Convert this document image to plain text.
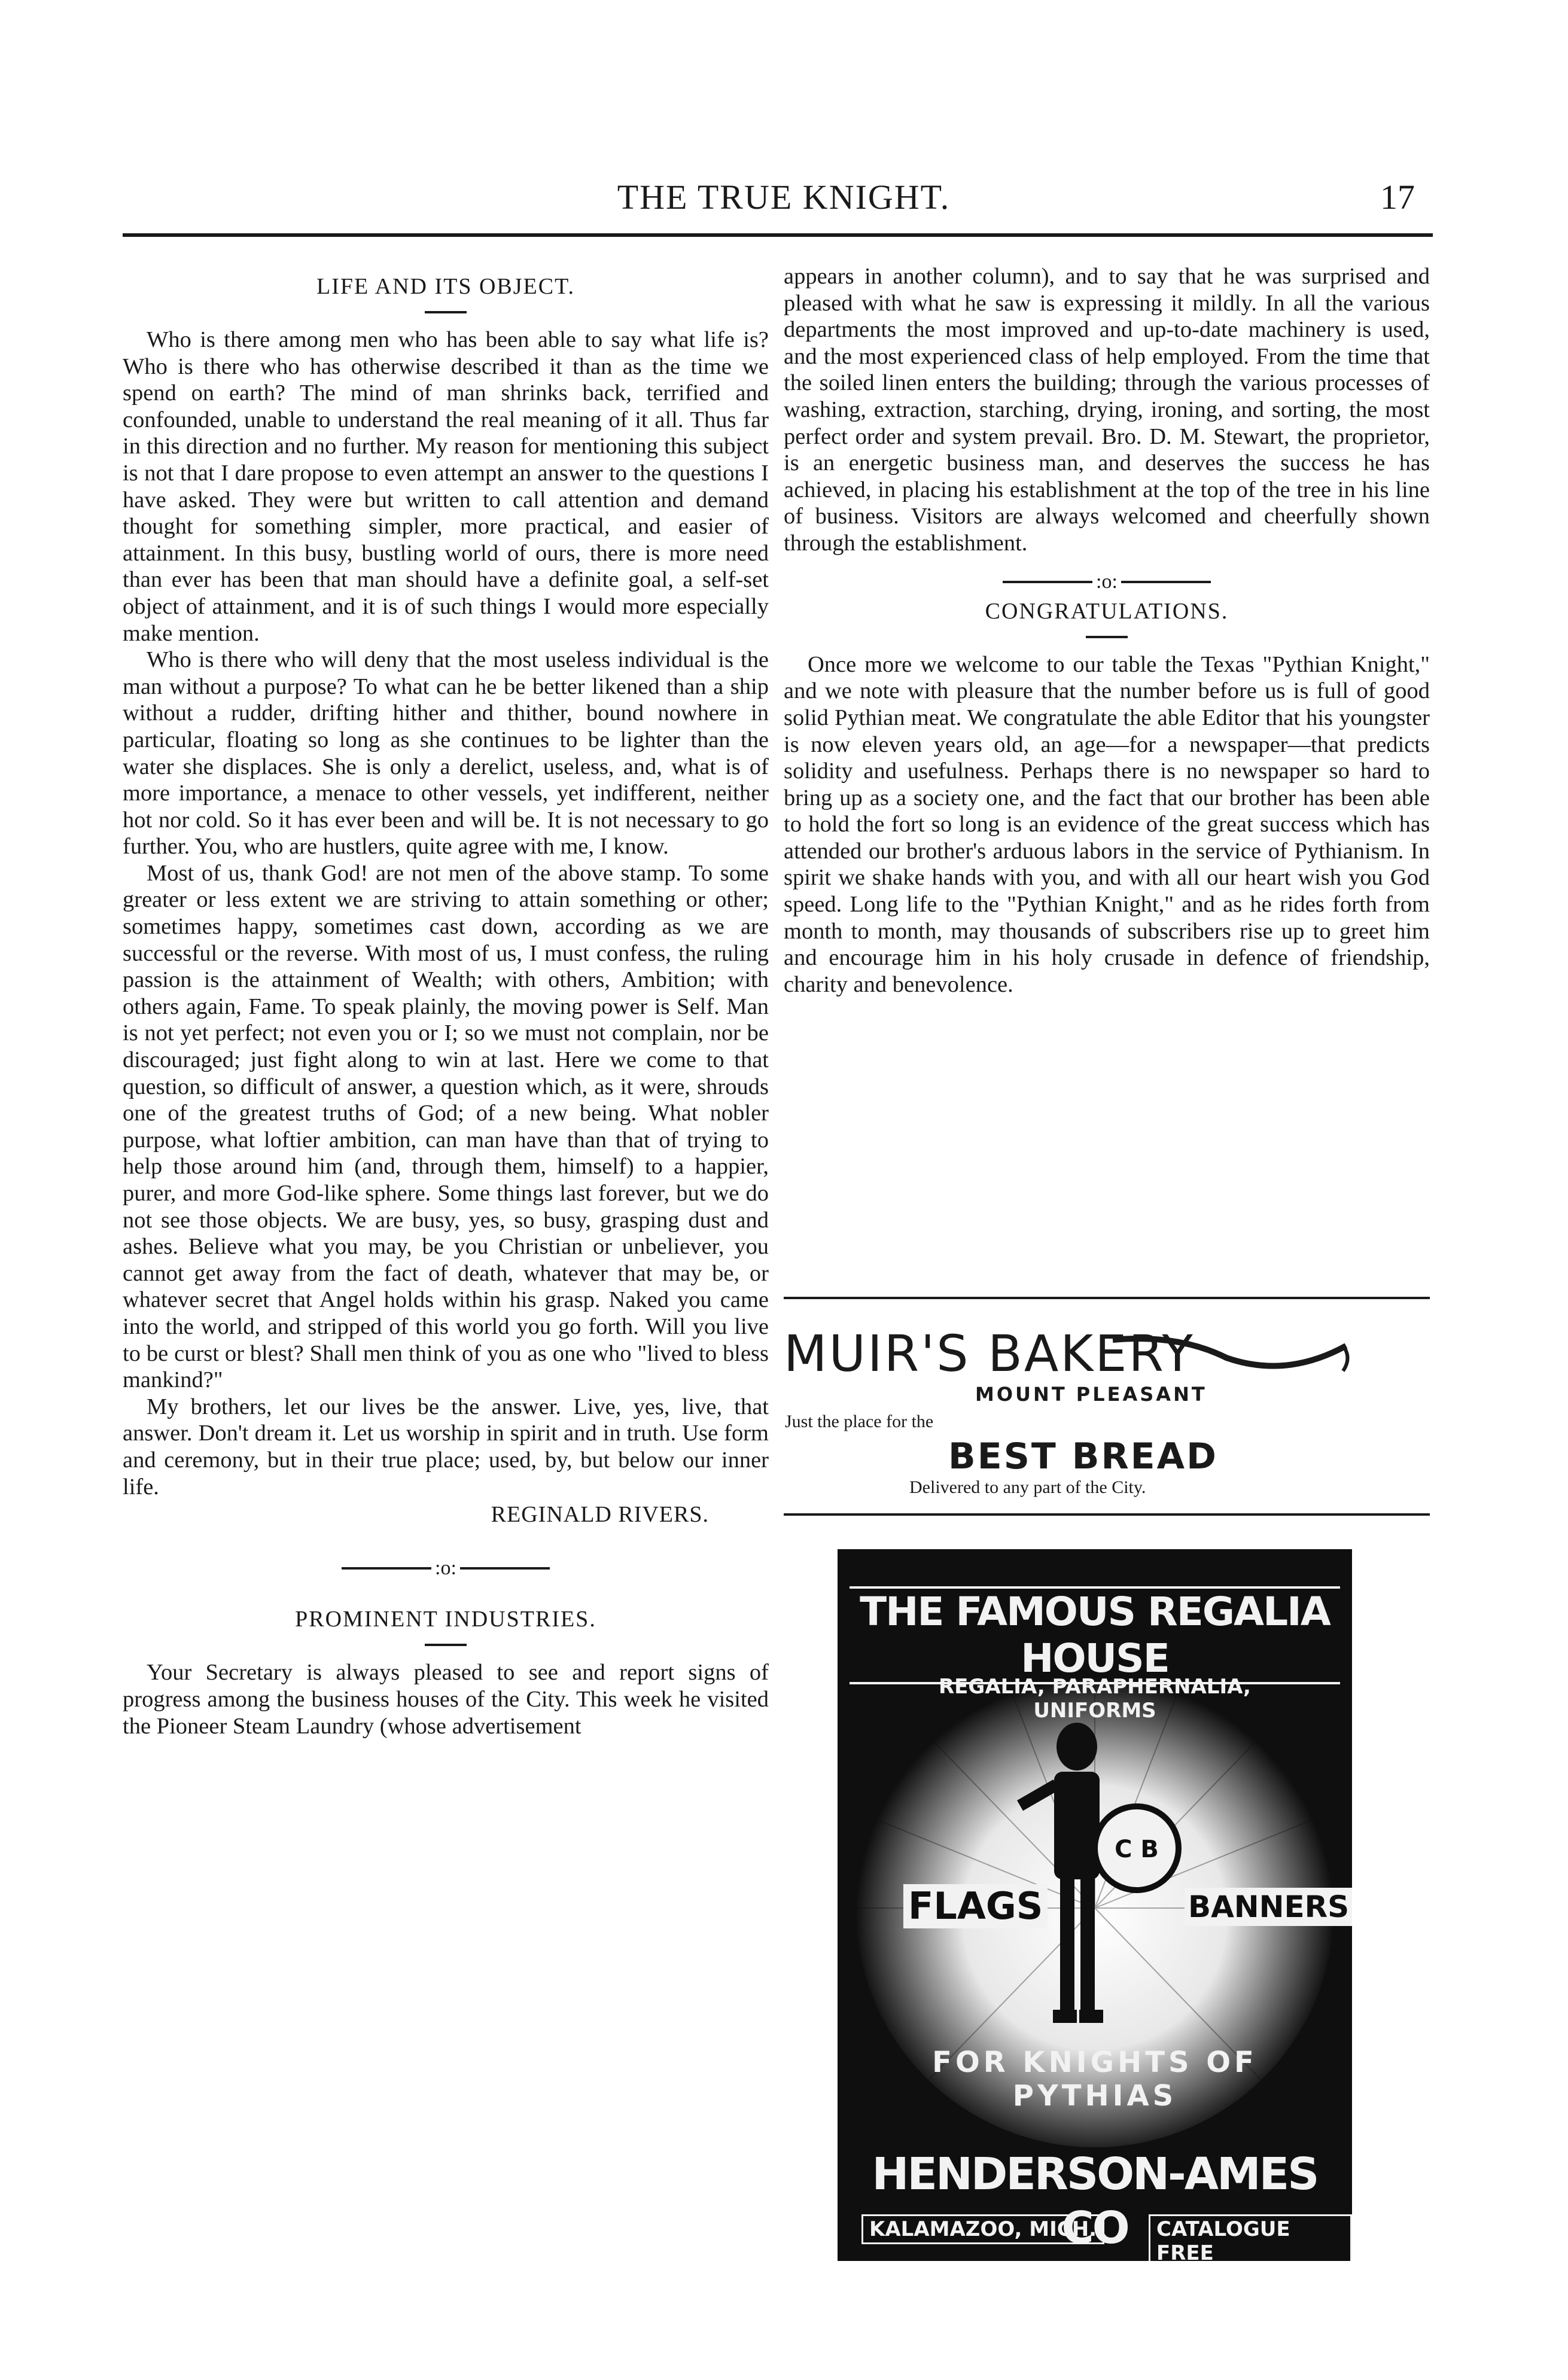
THE TRUE KNIGHT.	17
LIFE AND ITS OBJECT.

Who is there among men who has been able to say what life is? Who is there who has otherwise described it than as the time we spend on earth? The mind of man shrinks back, terrified and confounded, unable to understand the real meaning of it all. Thus far in this direction and no further. My reason for mentioning this subject is not that I dare propose to even attempt an answer to the questions I have asked. They were but written to call attention and demand thought for something simpler, more practical, and easier of attainment. In this busy, bustling world of ours, there is more need than ever has been that man should have a definite goal, a self-set object of attainment, and it is of such things I would more especially make mention.

Who is there who will deny that the most useless individual is the man without a purpose? To what can he be better likened than a ship without a rudder, drifting hither and thither, bound nowhere in particular, floating so long as she continues to be lighter than the water she displaces. She is only a derelict, useless, and, what is of more importance, a menace to other vessels, yet indifferent, neither hot nor cold. So it has ever been and will be. It is not necessary to go further. You, who are hustlers, quite agree with me, I know.

Most of us, thank God! are not men of the above stamp. To some greater or less extent we are striving to attain something or other; sometimes happy, sometimes cast down, according as we are successful or the reverse. With most of us, I must confess, the ruling passion is the attainment of Wealth; with others, Ambition; with others again, Fame. To speak plainly, the moving power is Self. Man is not yet perfect; not even you or I; so we must not complain, nor be discouraged; just fight along to win at last. Here we come to that question, so difficult of answer, a question which, as it were, shrouds one of the greatest truths of God; of a new being. What nobler purpose, what loftier ambition, can man have than that of trying to help those around him (and, through them, himself) to a happier, purer, and more God-like sphere. Some things last forever, but we do not see those objects. We are busy, yes, so busy, grasping dust and ashes. Believe what you may, be you Christian or unbeliever, you cannot get away from the fact of death, whatever that may be, or whatever secret that Angel holds within his grasp. Naked you came into the world, and stripped of this world you go forth. Will you live to be curst or blest? Shall men think of you as one who "lived to bless mankind?"

My brothers, let our lives be the answer. Live, yes, live, that answer. Don't dream it. Let us worship in spirit and in truth. Use form and ceremony, but in their true place; used, by, but below our inner life.

REGINALD RIVERS.
:o:
PROMINENT INDUSTRIES.

Your Secretary is always pleased to see and report signs of progress among the business houses of the City. This week he visited the Pioneer Steam Laundry (whose advertisement

appears in another column), and to say that he was surprised and pleased with what he saw is expressing it mildly. In all the various departments the most improved and up-to-date machinery is used, and the most experienced class of help employed. From the time that the soiled linen enters the building; through the various processes of washing, extraction, starching, drying, ironing, and sorting, the most perfect order and system prevail. Bro. D. M. Stewart, the proprietor, is an energetic business man, and deserves the success he has achieved, in placing his establishment at the top of the tree in his line of business. Visitors are always welcomed and cheerfully shown through the establishment.

:o:
CONGRATULATIONS.

Once more we welcome to our table the Texas "Pythian Knight," and we note with pleasure that the number before us is full of good solid Pythian meat. We congratulate the able Editor that his youngster is now eleven years old, an age—for a newspaper—that predicts solidity and usefulness. Perhaps there is no newspaper so hard to bring up as a society one, and the fact that our brother has been able to hold the fort so long is an evidence of the great success which has attended our brother's arduous labors in the service of Pythianism. In spirit we shake hands with you, and with all our heart wish you God speed. Long life to the "Pythian Knight," and as he rides forth from month to month, may thousands of subscribers rise up to greet him and encourage him in his holy crusade in defence of friendship, charity and benevolence.

MUIR'S BAKERY
MOUNT PLEASANT
Just the place for the
BEST BREAD
Delivered to any part of the City.
C B
THE FAMOUS REGALIA HOUSE
REGALIA, PARAPHERNALIA, UNIFORMS
FLAGS	BANNERS
FOR KNIGHTS OF PYTHIAS
HENDERSON-AMES CO
KALAMAZOO, MICH.	CATALOGUE FREE
